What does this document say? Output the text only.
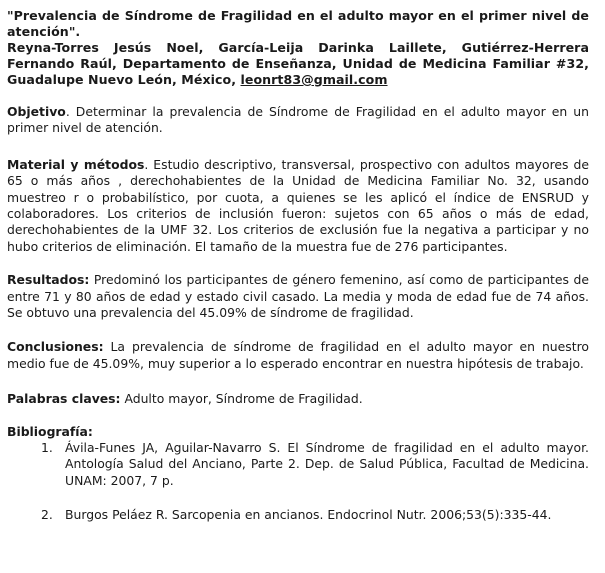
"Prevalencia de Síndrome de Fragilidad en el adulto mayor en el primer nivel de atención".
Reyna-Torres Jesús Noel, García-Leija Darinka Laillete, Gutiérrez-Herrera Fernando Raúl, Departamento de Enseñanza, Unidad de Medicina Familiar #32, Guadalupe Nuevo León, México, leonrt83@gmail.com
Objetivo. Determinar la prevalencia de Síndrome de Fragilidad en el adulto mayor en un primer nivel de atención.
Material y métodos. Estudio descriptivo, transversal, prospectivo con adultos mayores de 65 o más años , derechohabientes de la Unidad de Medicina Familiar No. 32, usando muestreo r o probabilístico, por cuota, a quienes se les aplicó el índice de ENSRUD y colaboradores. Los criterios de inclusión fueron: sujetos con 65 años o más de edad, derechohabientes de la UMF 32. Los criterios de exclusión fue la negativa a participar y no hubo criterios de eliminación. El tamaño de la muestra fue de 276 participantes.
Resultados: Predominó los participantes de género femenino, así como de participantes de entre 71 y 80 años de edad y estado civil casado. La media y moda de edad fue de 74 años. Se obtuvo una prevalencia del 45.09% de síndrome de fragilidad.
Conclusiones: La prevalencia de síndrome de fragilidad en el adulto mayor en nuestro medio fue de 45.09%, muy superior a lo esperado encontrar en nuestra hipótesis de trabajo.
Palabras claves: Adulto mayor, Síndrome de Fragilidad.
Bibliografía:
1. Ávila-Funes JA, Aguilar-Navarro S. El Síndrome de fragilidad en el adulto mayor. Antología Salud del Anciano, Parte 2. Dep. de Salud Pública, Facultad de Medicina. UNAM: 2007, 7 p.
2. Burgos Peláez R. Sarcopenia en ancianos. Endocrinol Nutr. 2006;53(5):335-44.
